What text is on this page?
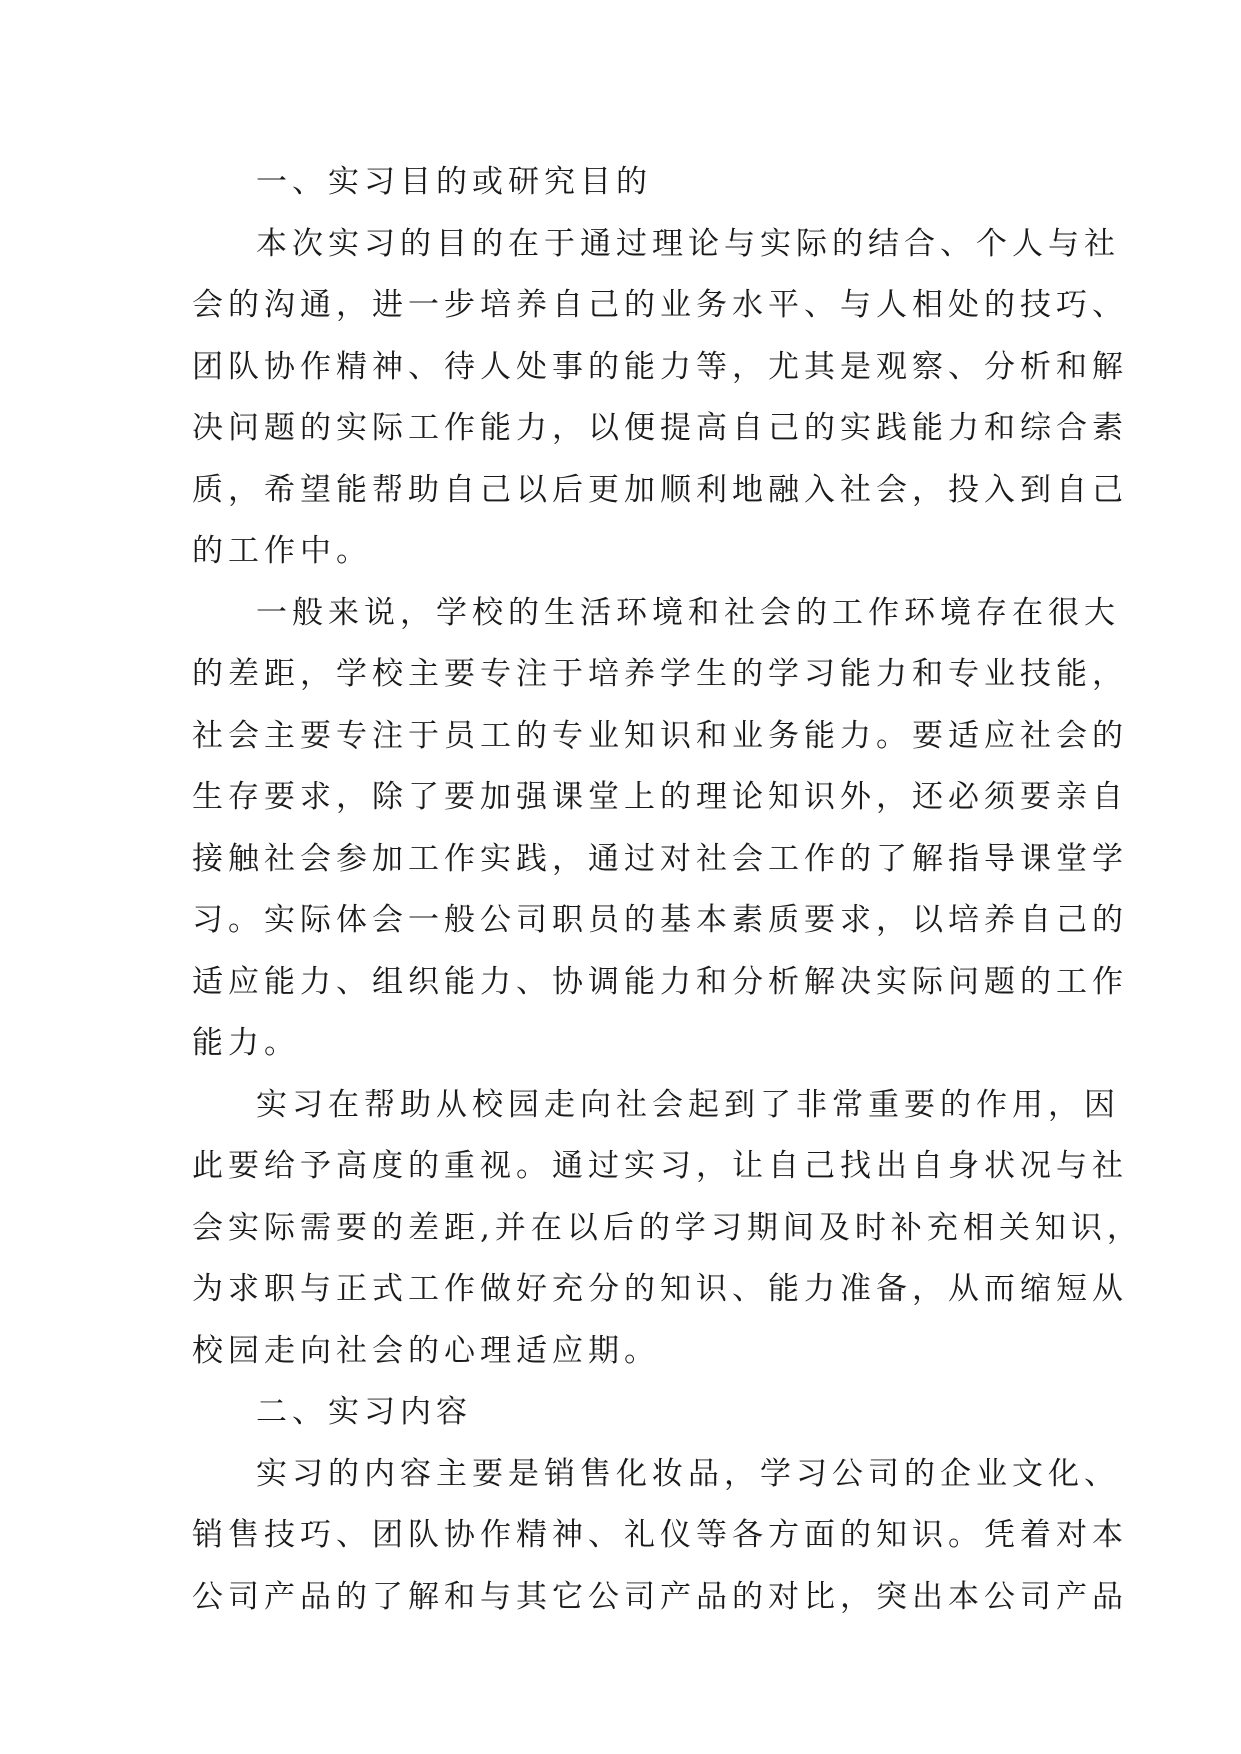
一、实习目的或研究目的
本次实习的目的在于通过理论与实际的结合、个人与社
会的沟通，进一步培养自己的业务水平、与人相处的技巧、
团队协作精神、待人处事的能力等，尤其是观察、分析和解
决问题的实际工作能力，以便提高自己的实践能力和综合素
质，希望能帮助自己以后更加顺利地融入社会，投入到自己
的工作中。
一般来说，学校的生活环境和社会的工作环境存在很大
的差距，学校主要专注于培养学生的学习能力和专业技能，
社会主要专注于员工的专业知识和业务能力。要适应社会的
生存要求，除了要加强课堂上的理论知识外，还必须要亲自
接触社会参加工作实践，通过对社会工作的了解指导课堂学
习。实际体会一般公司职员的基本素质要求，以培养自己的
适应能力、组织能力、协调能力和分析解决实际问题的工作
能力。
实习在帮助从校园走向社会起到了非常重要的作用，因
此要给予高度的重视。通过实习，让自己找出自身状况与社
会实际需要的差距,并在以后的学习期间及时补充相关知识，
为求职与正式工作做好充分的知识、能力准备，从而缩短从
校园走向社会的心理适应期。
二、实习内容
实习的内容主要是销售化妆品，学习公司的企业文化、
销售技巧、团队协作精神、礼仪等各方面的知识。凭着对本
公司产品的了解和与其它公司产品的对比，突出本公司产品
